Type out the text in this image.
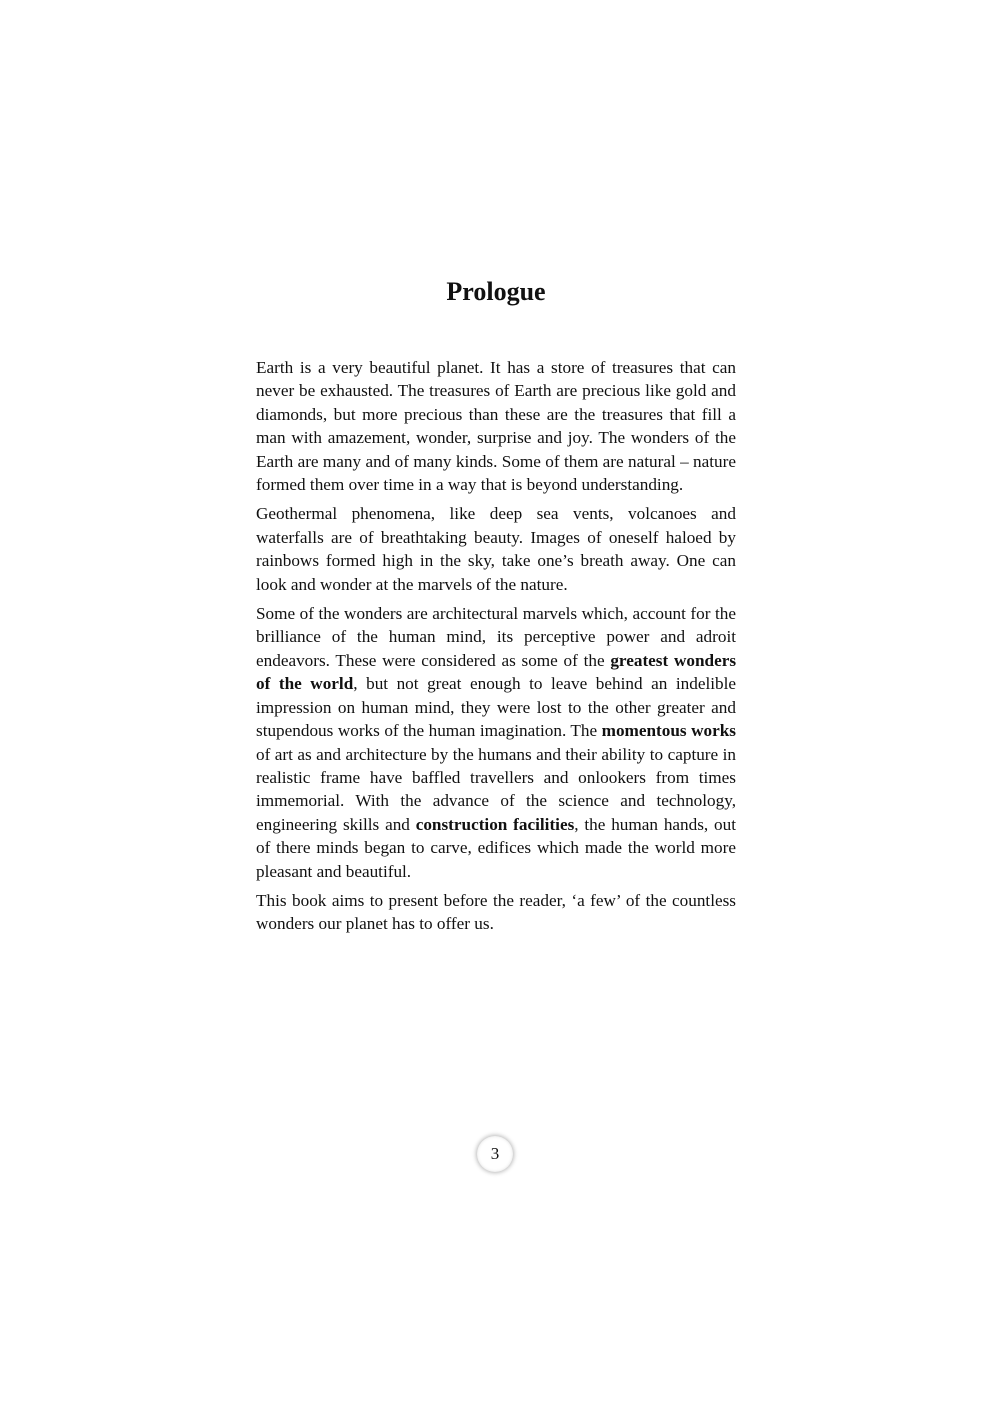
Prologue

Earth is a very beautiful planet. It has a store of treasures that can never be exhausted. The treasures of Earth are precious like gold and diamonds, but more precious than these are the treasures that fill a man with amazement, wonder, surprise and joy. The wonders of the Earth are many and of many kinds. Some of them are natural – nature formed them over time in a way that is beyond understanding.

Geothermal phenomena, like deep sea vents, volcanoes and waterfalls are of breathtaking beauty. Images of oneself haloed by rainbows formed high in the sky, take one’s breath away. One can look and wonder at the marvels of the nature.

Some of the wonders are architectural marvels which, account for the brilliance of the human mind, its perceptive power and adroit endeavors. These were considered as some of the greatest wonders of the world, but not great enough to leave behind an indelible impression on human mind, they were lost to the other greater and stupendous works of the human imagination. The momentous works of art as and architecture by the humans and their ability to capture in realistic frame have baffled travellers and onlookers from times immemorial. With the advance of the science and technology, engineering skills and construction facilities, the human hands, out of there minds began to carve, edifices which made the world more pleasant and beautiful.

This book aims to present before the reader, ‘a few’ of the countless wonders our planet has to offer us.

3
